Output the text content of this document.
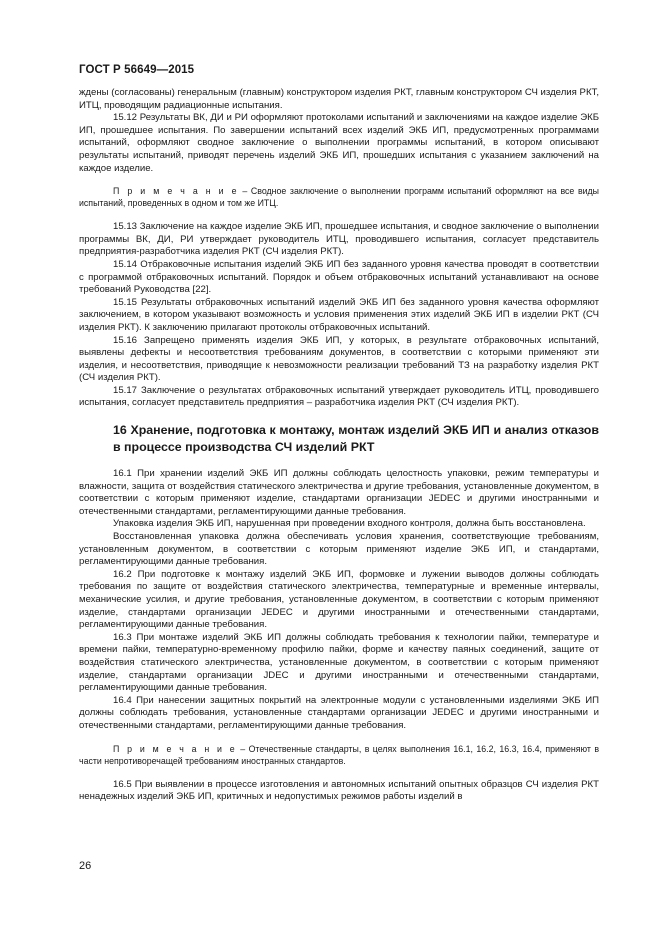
ГОСТ Р 56649—2015

ждены (согласованы) генеральным (главным) конструктором изделия РКТ, главным конструктором СЧ изделия РКТ, ИТЦ, проводящим радиационные испытания.

15.12 Результаты ВК, ДИ и РИ оформляют протоколами испытаний и заключениями на каждое изделие ЭКБ ИП, прошедшее испытания. По завершении испытаний всех изделий ЭКБ ИП, предусмотренных программами испытаний, оформляют сводное заключение о выполнении программы испытаний, в котором описывают результаты испытаний, приводят перечень изделий ЭКБ ИП, прошедших испытания с указанием заключений на каждое изделие.

П р и м е ч а н и е – Сводное заключение о выполнении программ испытаний оформляют на все виды испытаний, проведенных в одном и том же ИТЦ.

15.13 Заключение на каждое изделие ЭКБ ИП, прошедшее испытания, и сводное заключение о выполнении программы ВК, ДИ, РИ утверждает руководитель ИТЦ, проводившего испытания, согласует представитель предприятия-разработчика изделия РКТ (СЧ изделия РКТ).

15.14 Отбраковочные испытания изделий ЭКБ ИП без заданного уровня качества проводят в соответствии с программой отбраковочных испытаний. Порядок и объем отбраковочных испытаний устанавливают на основе требований Руководства [22].

15.15 Результаты отбраковочных испытаний изделий ЭКБ ИП без заданного уровня качества оформляют заключением, в котором указывают возможность и условия применения этих изделий ЭКБ ИП в изделии РКТ (СЧ изделия РКТ). К заключению прилагают протоколы отбраковочных испытаний.

15.16 Запрещено применять изделия ЭКБ ИП, у которых, в результате отбраковочных испытаний, выявлены дефекты и несоответствия требованиям документов, в соответствии с которыми применяют эти изделия, и несоответствия, приводящие к невозможности реализации требований ТЗ на разработку изделия РКТ (СЧ изделия РКТ).

15.17 Заключение о результатах отбраковочных испытаний утверждает руководитель ИТЦ, проводившего испытания, согласует представитель предприятия – разработчика изделия РКТ (СЧ изделия РКТ).

16 Хранение, подготовка к монтажу, монтаж изделий ЭКБ ИП и анализ отказов в процессе производства СЧ изделий РКТ

16.1 При хранении изделий ЭКБ ИП должны соблюдать целостность упаковки, режим температуры и влажности, защита от воздействия статического электричества и другие требования, установленные документом, в соответствии с которым применяют изделие, стандартами организации JEDEC и другими иностранными и отечественными стандартами, регламентирующими данные требования.

Упаковка изделия ЭКБ ИП, нарушенная при проведении входного контроля, должна быть восстановлена.

Восстановленная упаковка должна обеспечивать условия хранения, соответствующие требованиям, установленным документом, в соответствии с которым применяют изделие ЭКБ ИП, и стандартами, регламентирующими данные требования.

16.2 При подготовке к монтажу изделий ЭКБ ИП, формовке и лужении выводов должны соблюдать требования по защите от воздействия статического электричества, температурные и временные интервалы, механические усилия, и другие требования, установленные документом, в соответствии с которым применяют изделие, стандартами организации JEDEC и другими иностранными и отечественными стандартами, регламентирующими данные требования.

16.3 При монтаже изделий ЭКБ ИП должны соблюдать требования к технологии пайки, температуре и времени пайки, температурно-временному профилю пайки, форме и качеству паяных соединений, защите от воздействия статического электричества, установленные документом, в соответствии с которым применяют изделие, стандартами организации JDEC и другими иностранными и отечественными стандартами, регламентирующими данные требования.

16.4 При нанесении защитных покрытий на электронные модули с установленными изделиями ЭКБ ИП должны соблюдать требования, установленные стандартами организации JEDEC и другими иностранными и отечественными стандартами, регламентирующими данные требования.

П р и м е ч а н и е – Отечественные стандарты, в целях выполнения 16.1, 16.2, 16.3, 16.4, применяют в части непротиворечащей требованиям иностранных стандартов.

16.5 При выявлении в процессе изготовления и автономных испытаний опытных образцов СЧ изделия РКТ ненадежных изделий ЭКБ ИП, критичных и недопустимых режимов работы изделий в

26
